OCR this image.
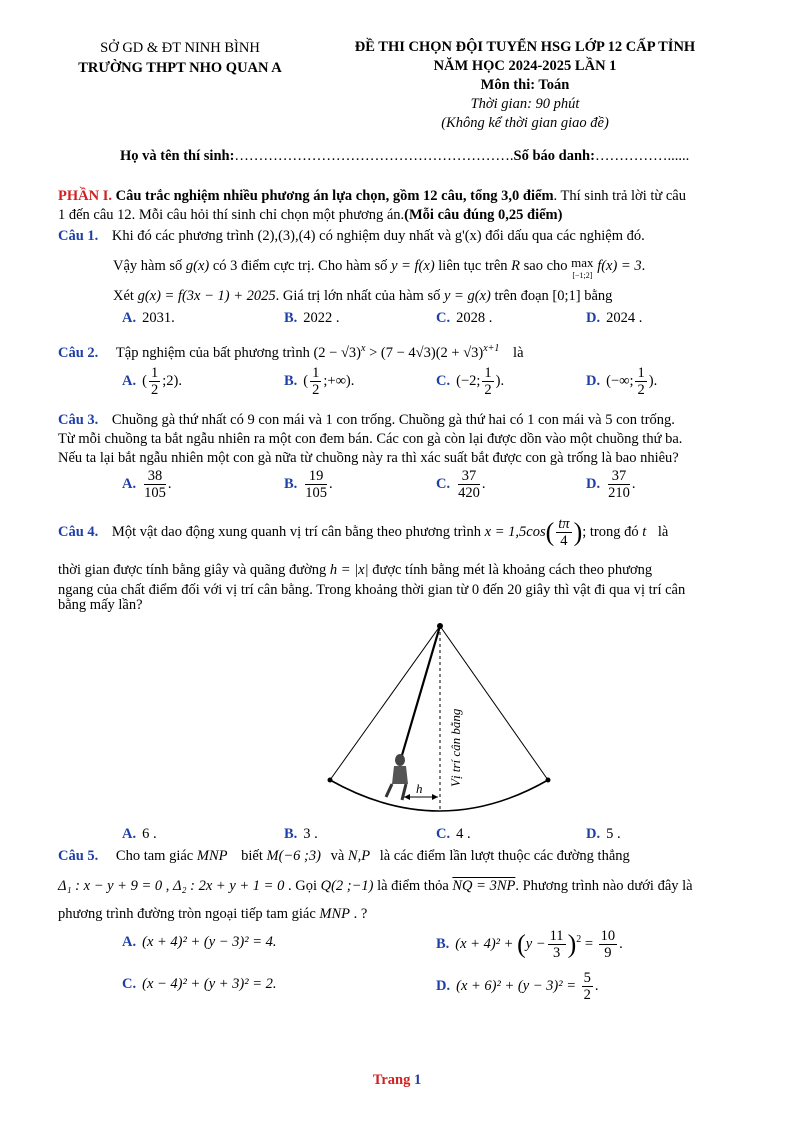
SỞ GD & ĐT NINH BÌNH
TRƯỜNG THPT NHO QUAN A
ĐỀ THI CHỌN ĐỘI TUYỂN HSG LỚP 12 CẤP TỈNH
NĂM HỌC 2024-2025 LẦN 1
Môn thi: Toán
Thời gian: 90 phút
(Không kể thời gian giao đề)
Họ và tên thí sinh:………………………………………………….Số báo danh:……………......
PHẦN I. Câu trắc nghiệm nhiều phương án lựa chọn, gồm 12 câu, tổng 3,0 điểm. Thí sinh trả lời từ câu
1 đến câu 12. Mỗi câu hỏi thí sinh chỉ chọn một phương án.(Mỗi câu đúng 0,25 điểm)
Câu 1. Khi đó các phương trình (2),(3),(4) có nghiệm duy nhất và g'(x) đổi dấu qua các nghiệm đó.
Vậy hàm số g(x) có 3 điểm cực trị. Cho hàm số y = f(x) liên tục trên R sao cho max
[−1;2]
f(x) = 3.
Xét g(x) = f(3x − 1) + 2025. Giá trị lớn nhất của hàm số y = g(x) trên đoạn [0;1] bằng
A. 2031.	B. 2022 .	C. 2028 .	D. 2024 .
Câu 2. Tập nghiệm của bất phương trình $(2 - √3)^x > (7 - 4√3)(2 + √3)^{x+1}$ là
A. ( $\frac{1}{2}$ ;2).	B. ( $\frac{1}{2}$ ;+∞).	C. (−2; $\frac{1}{2}$ ).	D. (−∞; $\frac{1}{2}$ ).
Câu 3. Chuồng gà thứ nhất có 9 con mái và 1 con trống. Chuồng gà thứ hai có 1 con mái và 5 con trống.
Từ mỗi chuồng ta bắt ngẫu nhiên ra một con đem bán. Các con gà còn lại được dồn vào một chuồng thứ ba.
Nếu ta lại bắt ngẫu nhiên một con gà nữa từ chuồng này ra thì xác suất bắt được con gà trống là bao nhiêu?
A. $\frac{38}{105}$ .	B. $\frac{19}{105}$ .	C. $\frac{37}{420}$ .	D. $\frac{37}{210}$ .
Câu 4. Một vật dao động xung quanh vị trí cân bằng theo phương trình $x = 1,5\cos( \frac{t\pi}{4}$ ); trong đó t là
thời gian được tính bằng giây và quãng đường h = |x| được tính bằng mét là khoảng cách theo phương
ngang của chất điểm đối với vị trí cân bằng. Trong khoảng thời gian từ 0 đến 20 giây thì vật đi qua vị trí cân
bằng mấy lần?
h
Vị trí cân bằng
A. 6 .	B. 3 .	C. 4 .	D. 5 .
Câu 5. Cho tam giác MNP biết M(−6 ;3) và N,P là các điểm lần lượt thuộc các đường thẳng
Δ₁ : x − y + 9 = 0 , Δ₂ : 2x + y + 1 = 0 . Gọi Q(2 ;−1) là điểm thỏa NQ = 3NP. Phương trình nào dưới đây là
phương trình đường tròn ngoại tiếp tam giác MNP . ?
A. (x + 4)² + (y − 3)² = 4.	B. $(x + 4)^2 + (y - \frac{11}{3} )^2 = \frac{10}{9}$ .
C. (x − 4)² + (y + 3)² = 2.	D. $(x + 6)^2 + (y - 3)^2 = \frac{5}{2}$ .
Trang 1
